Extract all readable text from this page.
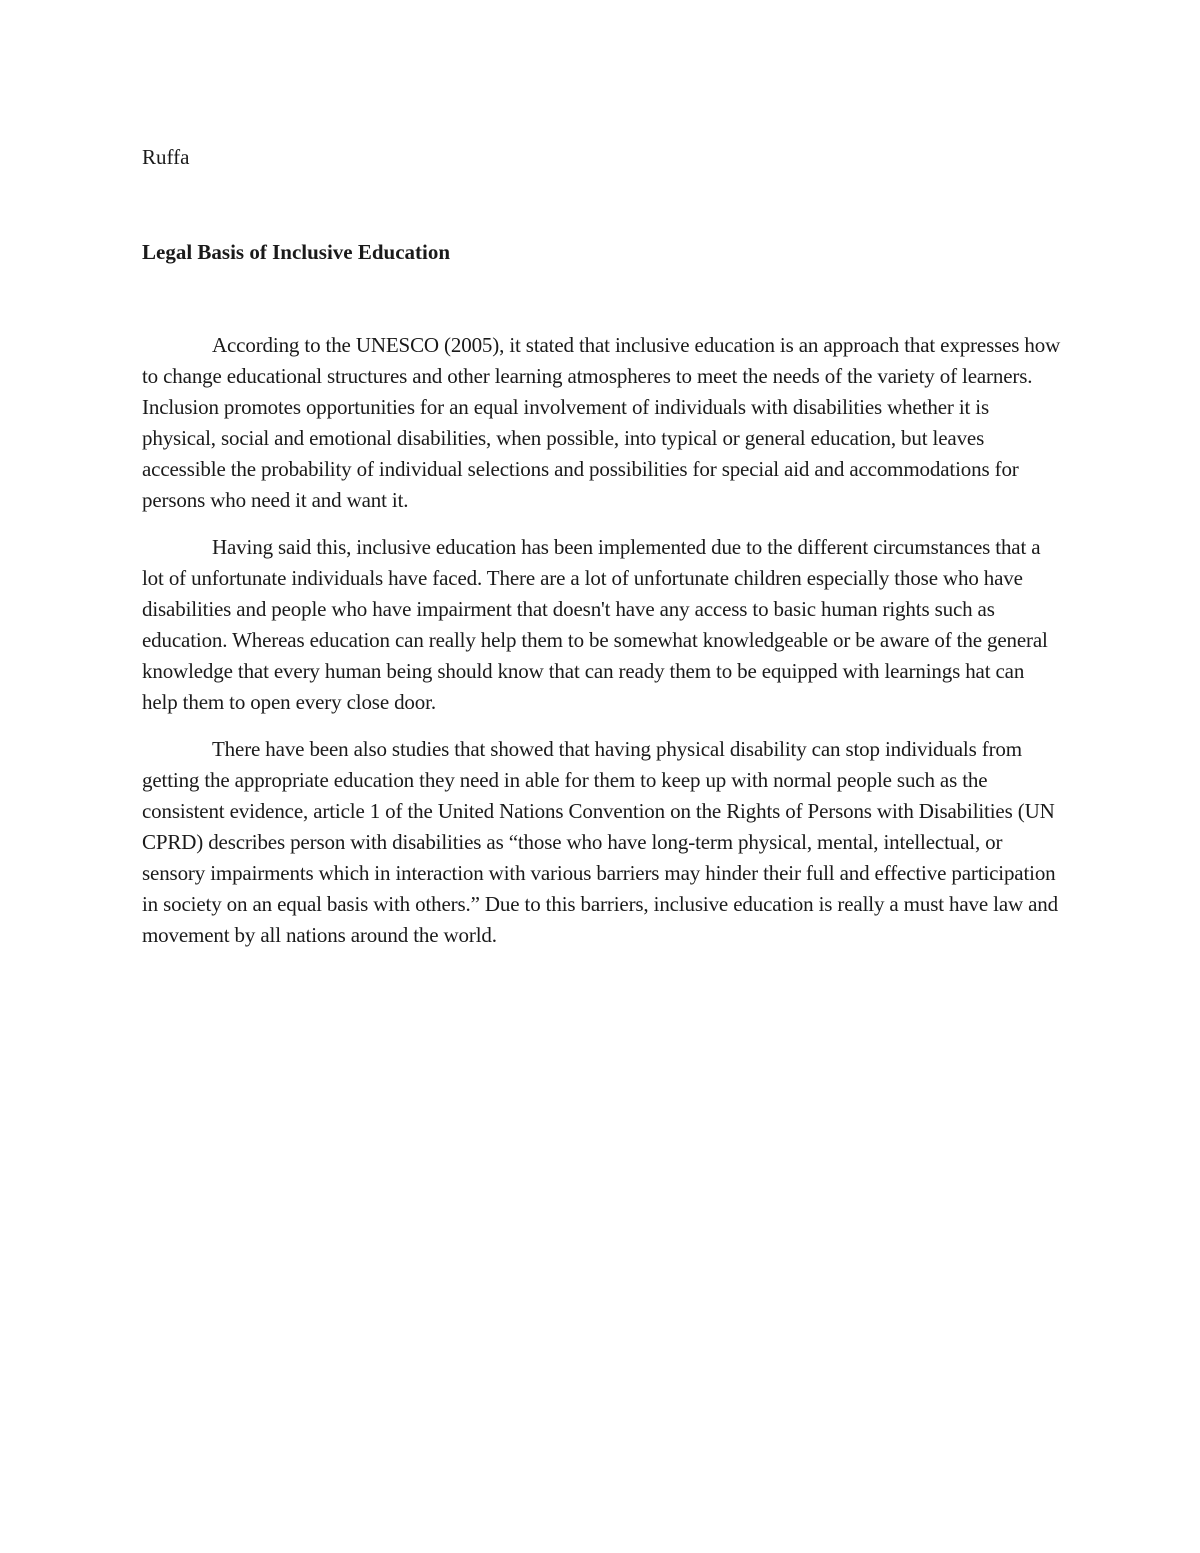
Ruffa

Legal Basis of Inclusive Education

According to the UNESCO (2005), it stated that inclusive education is an approach that expresses how to change educational structures and other learning atmospheres to meet the needs of the variety of learners. Inclusion promotes opportunities for an equal involvement of individuals with disabilities whether it is physical, social and emotional disabilities, when possible, into typical or general education, but leaves accessible the probability of individual selections and possibilities for special aid and accommodations for persons who need it and want it.

Having said this, inclusive education has been implemented due to the different circumstances that a lot of unfortunate individuals have faced. There are a lot of unfortunate children especially those who have disabilities and people who have impairment that doesn't have any access to basic human rights such as education. Whereas education can really help them to be somewhat knowledgeable or be aware of the general knowledge that every human being should know that can ready them to be equipped with learnings hat can help them to open every close door.

There have been also studies that showed that having physical disability can stop individuals from getting the appropriate education they need in able for them to keep up with normal people such as the consistent evidence, article 1 of the United Nations Convention on the Rights of Persons with Disabilities (UN CPRD) describes person with disabilities as “those who have long-term physical, mental, intellectual, or sensory impairments which in interaction with various barriers may hinder their full and effective participation in society on an equal basis with others.” Due to this barriers, inclusive education is really a must have law and movement by all nations around the world.
